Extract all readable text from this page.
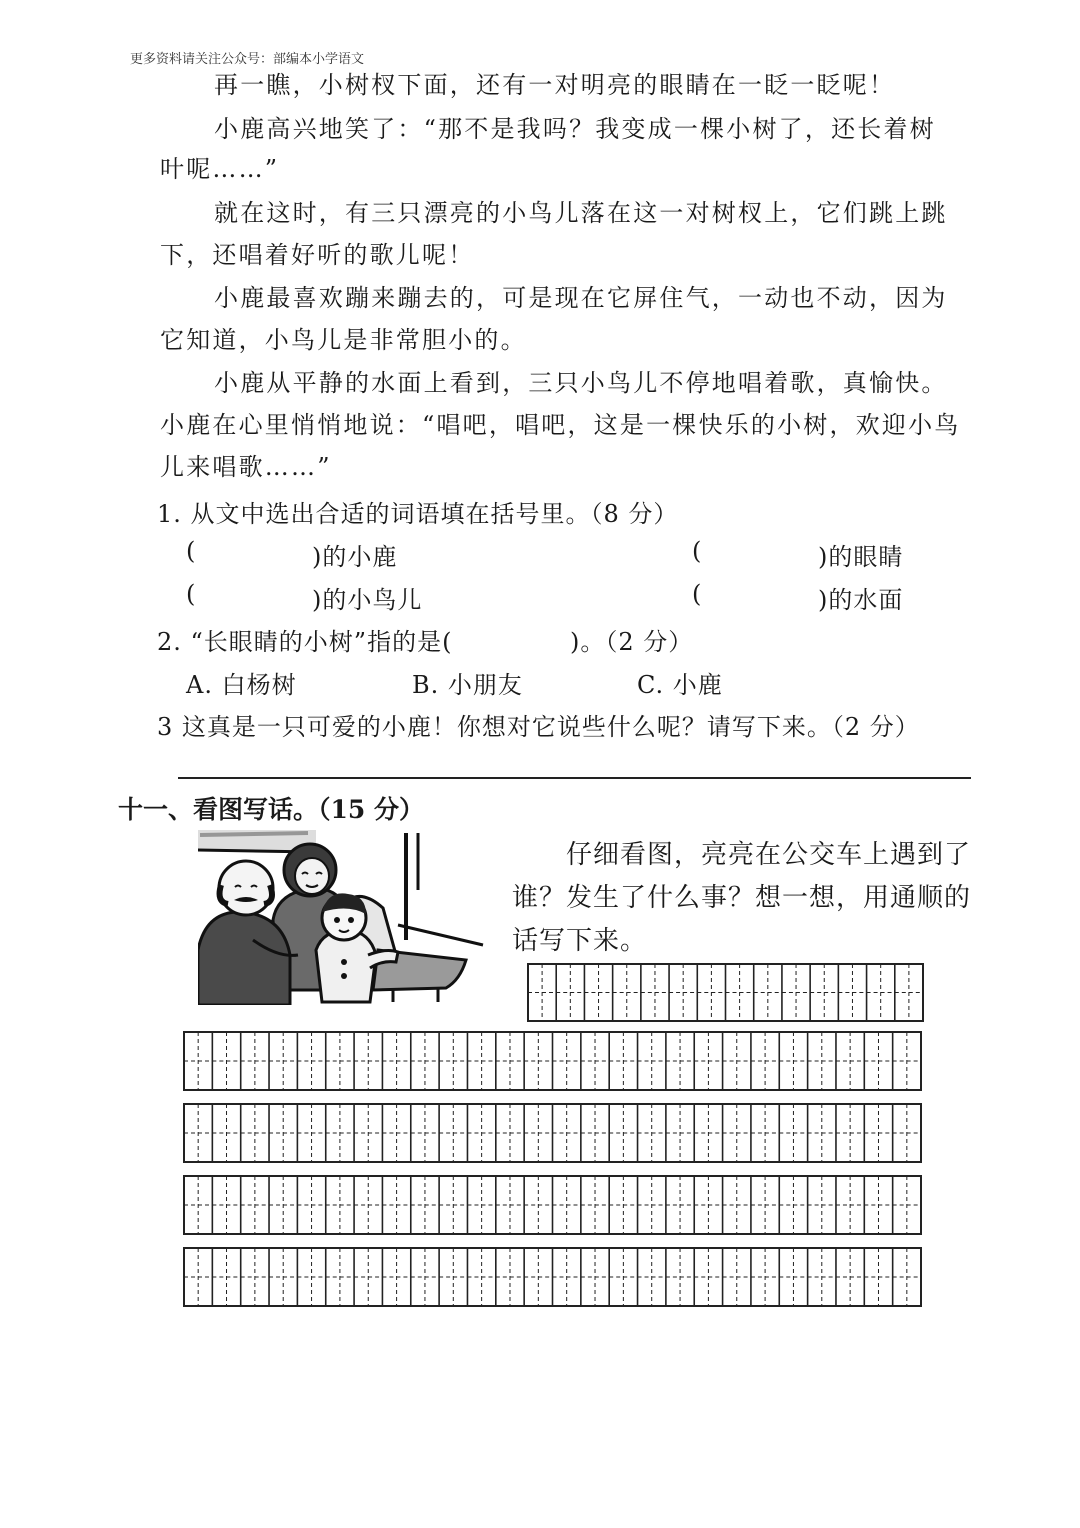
更多资料请关注公众号：部编本小学语文
再一瞧，小树杈下面，还有一对明亮的眼睛在一眨一眨呢！
小鹿高兴地笑了：“那不是我吗？我变成一棵小树了，还长着树
叶呢……”
就在这时，有三只漂亮的小鸟儿落在这一对树杈上，它们跳上跳
下，还唱着好听的歌儿呢！
小鹿最喜欢蹦来蹦去的，可是现在它屏住气，一动也不动，因为
它知道，小鸟儿是非常胆小的。
小鹿从平静的水面上看到，三只小鸟儿不停地唱着歌，真愉快。
小鹿在心里悄悄地说：“唱吧，唱吧，这是一棵快乐的小树，欢迎小鸟
儿来唱歌……”
1. 从文中选出合适的词语填在括号里。（8 分）
(	)的小鹿	(	)的眼睛
(	)的小鸟儿	(	)的水面
2. “长眼睛的小树”指的是(	)。（2 分）
A. 白杨树	B. 小朋友	C. 小鹿
3 这真是一只可爱的小鹿！你想对它说些什么呢？请写下来。（2 分）
十一、看图写话。（15 分）
仔细看图，亮亮在公交车上遇到了
谁？发生了什么事？想一想，用通顺的
话写下来。
